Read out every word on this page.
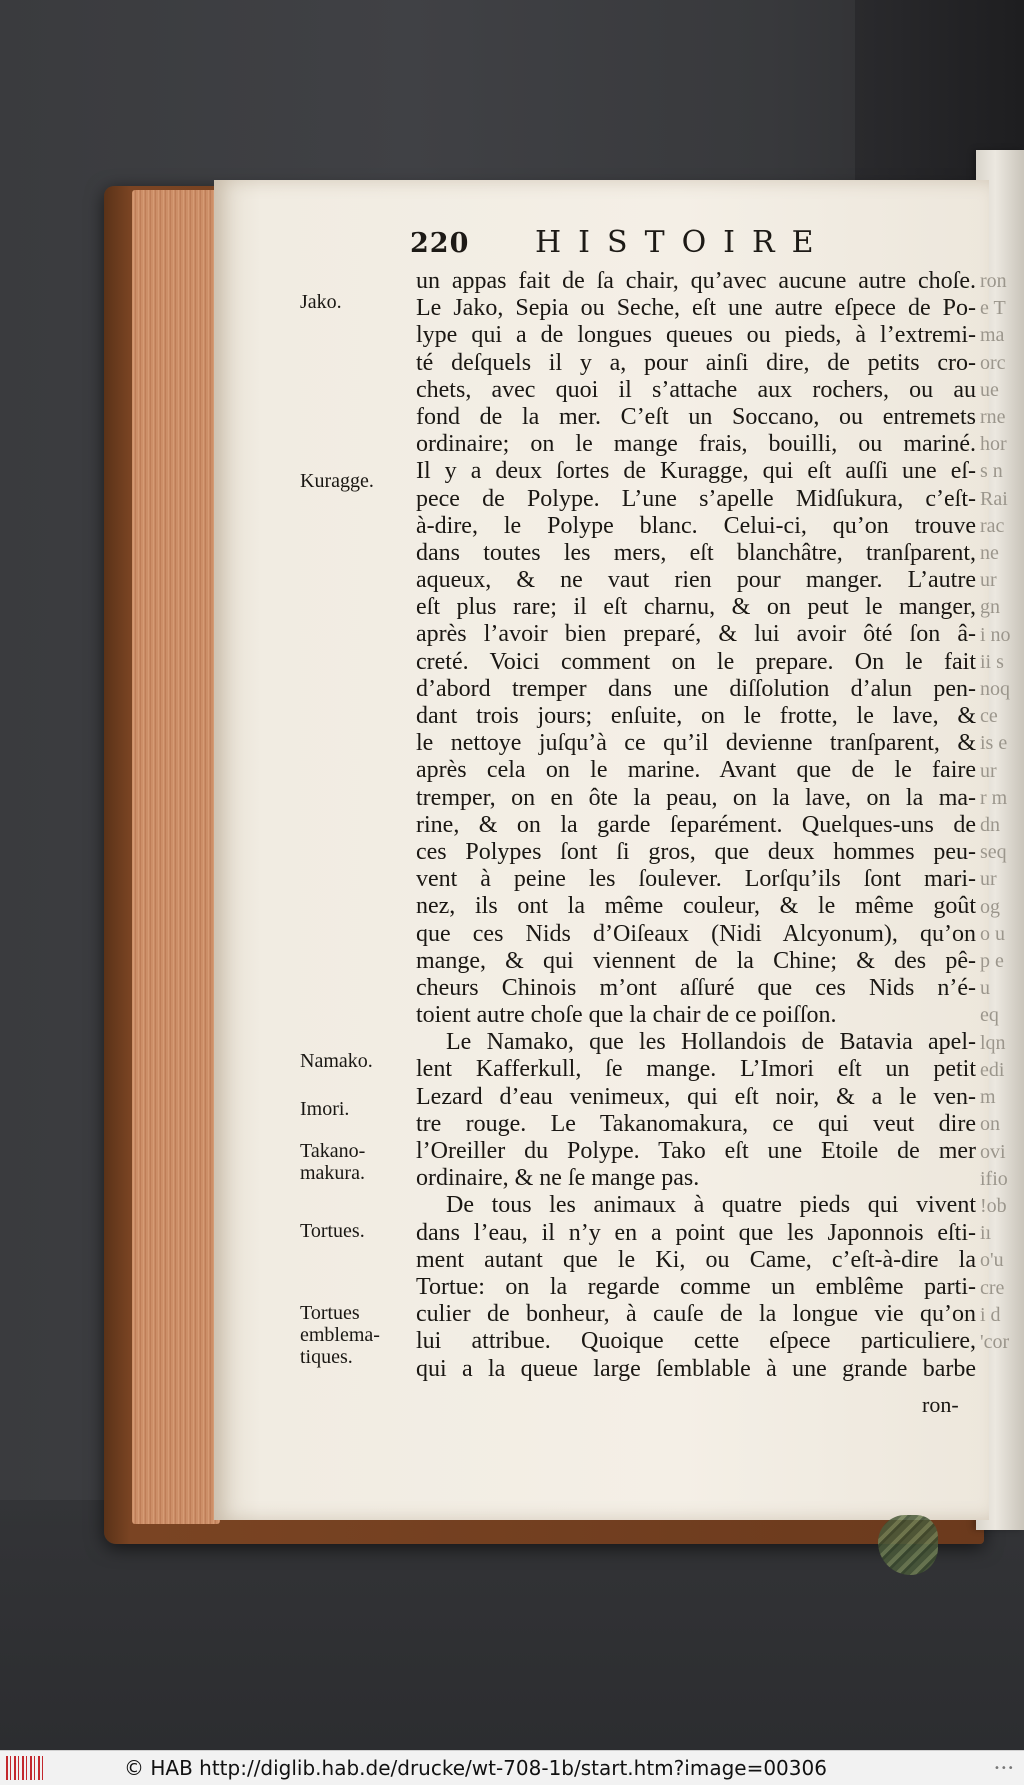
220 HISTOIRE
un appas fait de ſa chair, qu’avec aucune autre choſe.
Le Jako, Sepia ou Seche, eſt une autre eſpece de Po-
lype qui a de longues queues ou pieds, à l’extremi-
té deſquels il y a, pour ainſi dire, de petits cro-
chets, avec quoi il s’attache aux rochers, ou au
fond de la mer. C’eſt un Soccano, ou entremets
ordinaire; on le mange frais, bouilli, ou mariné.
Il y a deux ſortes de Kuragge, qui eſt auſſi une eſ-
pece de Polype. L’une s’apelle Midſukura, c’eſt-
à-dire, le Polype blanc. Celui-ci, qu’on trouve
dans toutes les mers, eſt blanchâtre, tranſparent,
aqueux, & ne vaut rien pour manger. L’autre
eſt plus rare; il eſt charnu, & on peut le manger,
après l’avoir bien preparé, & lui avoir ôté ſon â-
creté. Voici comment on le prepare. On le fait
d’abord tremper dans une diſſolution d’alun pen-
dant trois jours; enſuite, on le frotte, le lave, &
le nettoye juſqu’à ce qu’il devienne tranſparent, &
après cela on le marine. Avant que de le faire
tremper, on en ôte la peau, on la lave, on la ma-
rine, & on la garde ſeparément. Quelques-uns de
ces Polypes ſont ſi gros, que deux hommes peu-
vent à peine les ſoulever. Lorſqu’ils ſont mari-
nez, ils ont la même couleur, & le même goût
que ces Nids d’Oiſeaux (Nidi Alcyonum), qu’on
mange, & qui viennent de la Chine; & des pê-
cheurs Chinois m’ont aſſuré que ces Nids n’é-
toient autre choſe que la chair de ce poiſſon.
Le Namako, que les Hollandois de Batavia apel-
lent Kafferkull, ſe mange. L’Imori eſt un petit
Lezard d’eau venimeux, qui eſt noir, & a le ven-
tre rouge. Le Takanomakura, ce qui veut dire
l’Oreiller du Polype. Tako eſt une Etoile de mer
ordinaire, & ne ſe mange pas.
De tous les animaux à quatre pieds qui vivent
dans l’eau, il n’y en a point que les Japonnois eſti-
ment autant que le Ki, ou Came, c’eſt-à-dire la
Tortue: on la regarde comme un emblême parti-
culier de bonheur, à cauſe de la longue vie qu’on
lui attribue. Quoique cette eſpece particuliere,
qui a la queue large ſemblable à une grande barbe
ron
e T
ma
orc
ue
rne
hor
s n
Rai
rac
ne
ur
gn
i no
ii s
noq
ce
is e
ur
r m
dn
seq
ur
og
o u
p e
u
eq
lqn
edi
m
on
ovi
ifio
!ob
iı
o'u
cre
i d
'cor
Jako.
Kuragge.
Namako.
Imori.
Takano-
makura.
Tortues.
Tortues
emblema-
tiques.
ron-
© HAB http://diglib.hab.de/drucke/wt-708-1b/start.htm?image=00306	•••
